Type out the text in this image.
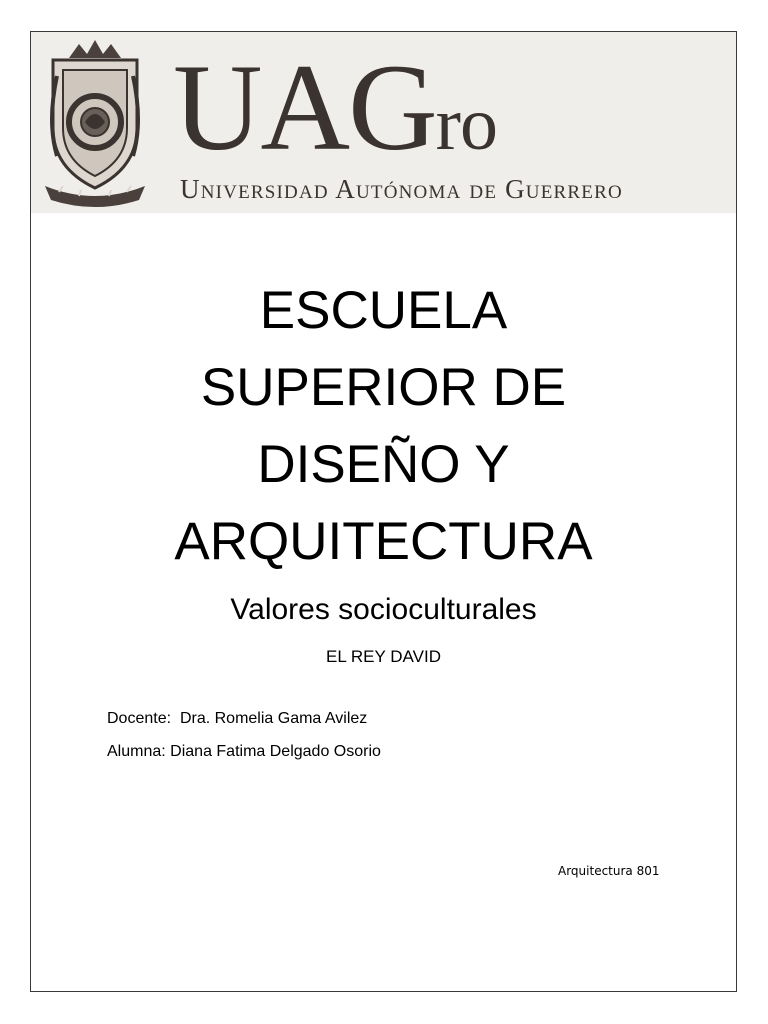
UAGro
Universidad Autónoma de Guerrero
ESCUELA
SUPERIOR DE
DISEÑO Y
ARQUITECTURA
Valores socioculturales
EL REY DAVID
Docente: Dra. Romelia Gama Avilez
Alumna: Diana Fatima Delgado Osorio
Arquitectura 801
